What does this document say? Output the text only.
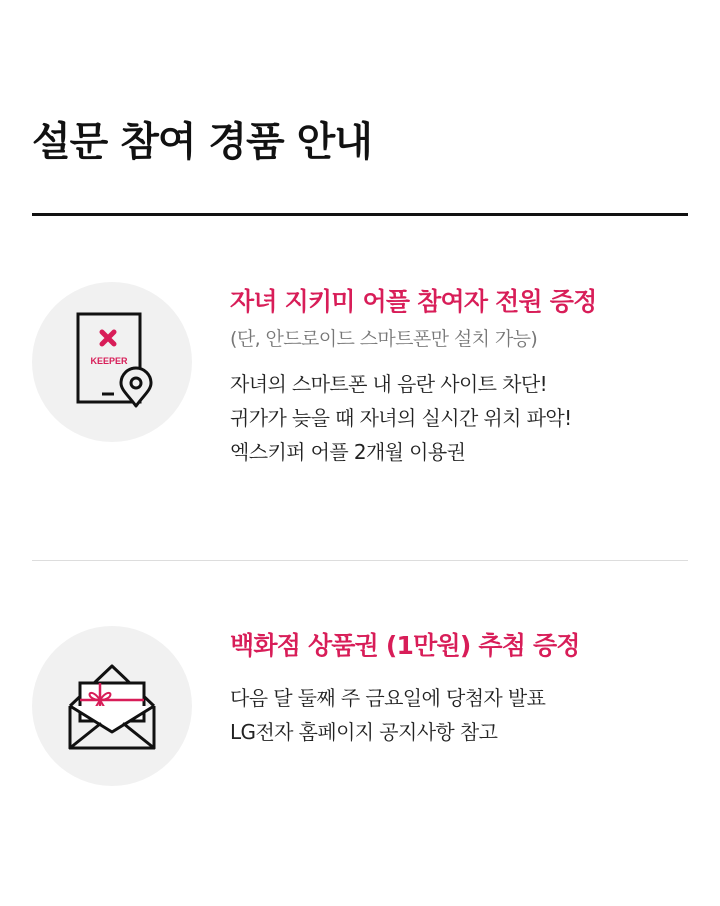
설문 참여 경품 안내
KEEPER
자녀 지키미 어플 참여자 전원 증정

(단, 안드로이드 스마트폰만 설치 가능)

자녀의 스마트폰 내 음란 사이트 차단!
귀가가 늦을 때 자녀의 실시간 위치 파악!
엑스키퍼 어플 2개월 이용권
백화점 상품권 (1만원) 추첨 증정
다음 달 둘째 주 금요일에 당첨자 발표
LG전자 홈페이지 공지사항 참고
